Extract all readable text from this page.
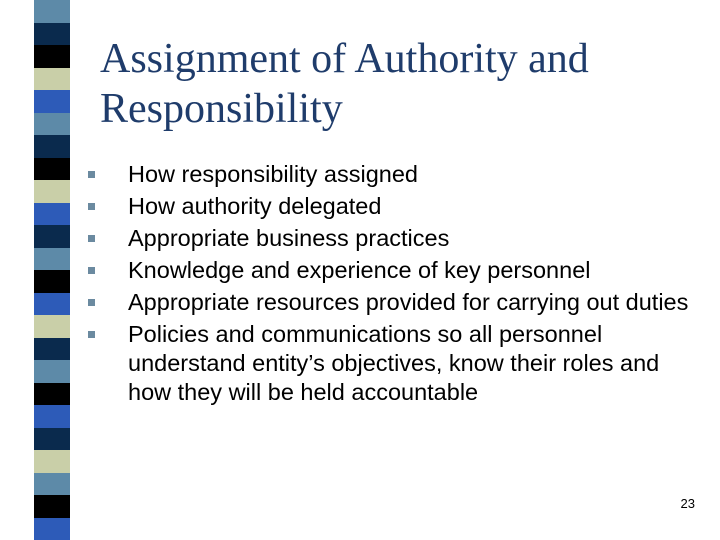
Assignment of Authority and
Responsibility
How responsibility assigned
How authority delegated
Appropriate business practices
Knowledge and experience of key personnel
Appropriate resources provided for carrying out duties
Policies and communications so all personnel understand entity’s objectives, know their roles and how they will be held accountable
23
